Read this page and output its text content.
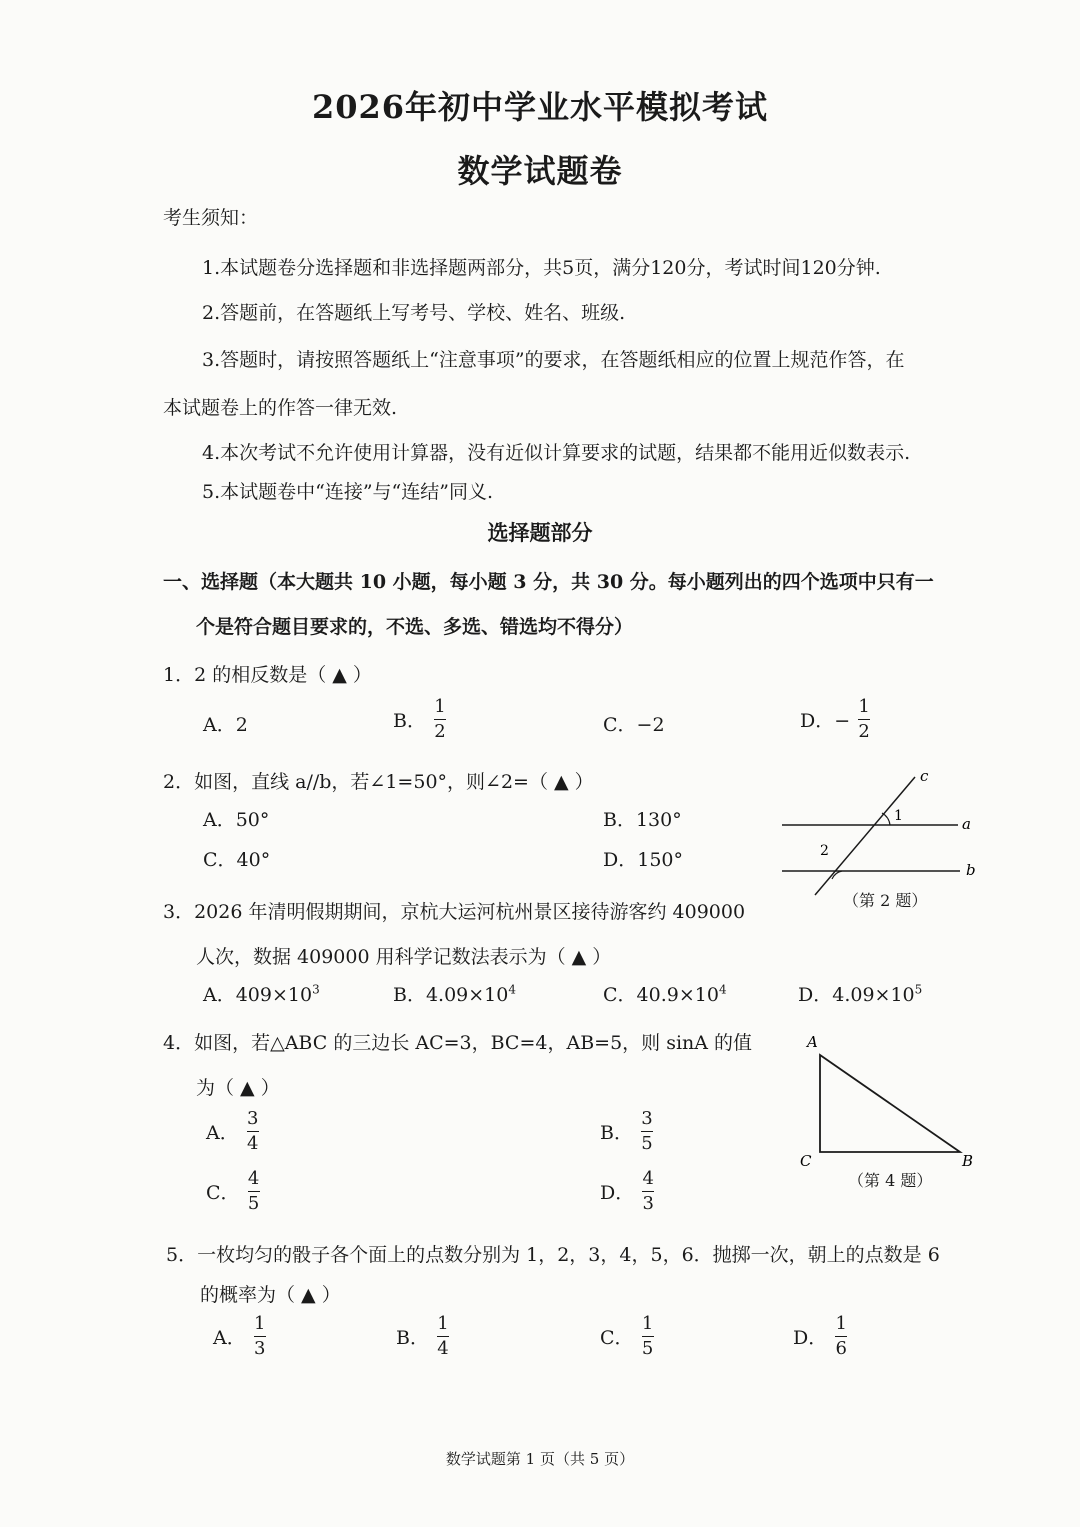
2026年初中学业水平模拟考试
数学试题卷
考生须知：
1.本试题卷分选择题和非选择题两部分，共5页，满分120分，考试时间120分钟.
2.答题前，在答题纸上写考号、学校、姓名、班级.
3.答题时，请按照答题纸上“注意事项”的要求，在答题纸相应的位置上规范作答，在
本试题卷上的作答一律无效.
4.本次考试不允许使用计算器，没有近似计算要求的试题，结果都不能用近似数表示.
5.本试题卷中“连接”与“连结”同义.
选择题部分
一、选择题（本大题共 10 小题，每小题 3 分，共 30 分。每小题列出的四个选项中只有一
个是符合题目要求的，不选、多选、错选均不得分）
1．2 的相反数是（ ▲ ）
A．2	B． $\frac{1}{2}$	C．−2	D．− $\frac{1}{2}$
2．如图，直线 a//b，若∠1=50°，则∠2=（ ▲ ）
A．50°	B．130°
C．40°	D．150°
c
a
b
1
2
（第 2 题）
3．2026 年清明假期期间，京杭大运河杭州景区接待游客约 409000
人次，数据 409000 用科学记数法表示为（ ▲ ）
A．$409\times 10^3$	B．$4.09\times 10^4$	C．$40.9\times 10^4$	D．$4.09\times 10^5$
4．如图，若△ABC 的三边长 AC=3，BC=4，AB=5，则 sinA 的值
为（ ▲ ）
A． $\frac{3}{4}$	B． $\frac{3}{5}$
C． $\frac{4}{5}$	D． $\frac{4}{3}$
A
C	B
（第 4 题）
5．一枚均匀的骰子各个面上的点数分别为 1，2，3，4，5，6．抛掷一次，朝上的点数是 6
的概率为（ ▲ ）
A． $\frac{1}{3}$	B． $\frac{1}{4}$	C． $\frac{1}{5}$	D． $\frac{1}{6}$
数学试题第 1 页（共 5 页）
